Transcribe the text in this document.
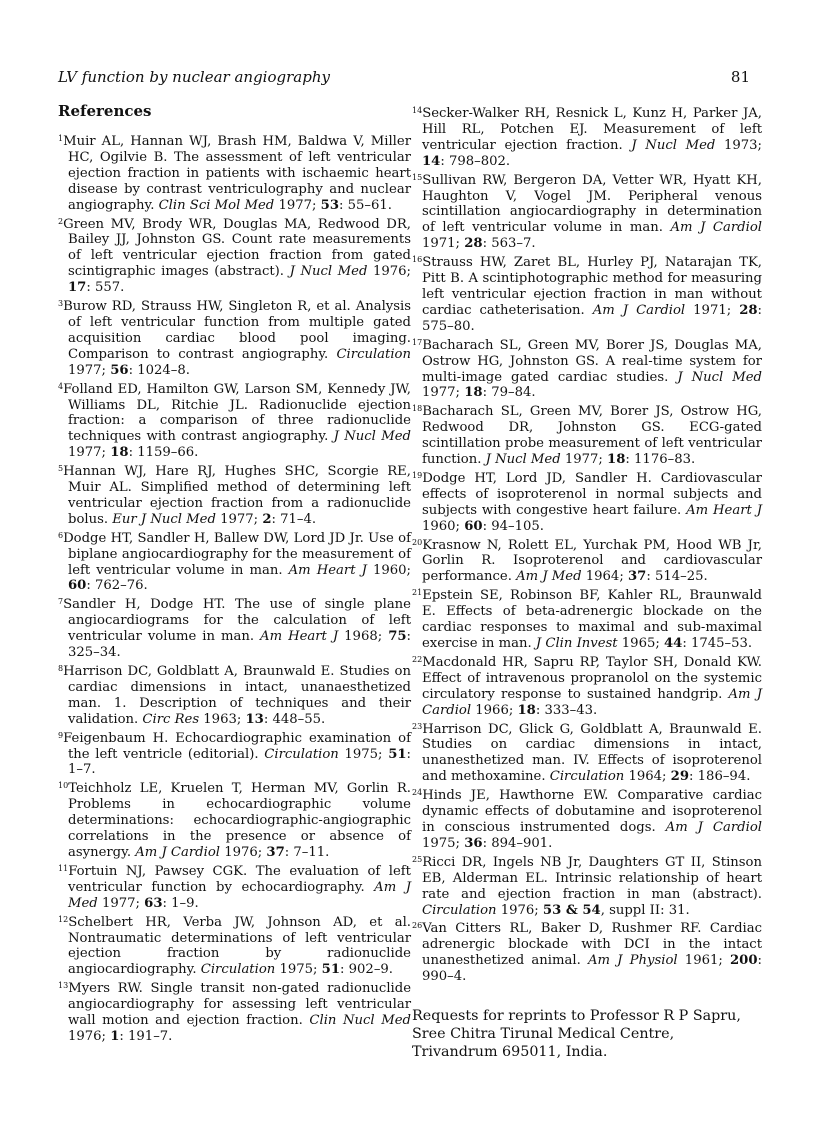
LV function by nuclear angiography	81
References
$^1$Muir AL, Hannan WJ, Brash HM, Baldwa V, Miller HC, Ogilvie B. The assessment of left ventricular ejection fraction in patients with ischaemic heart disease by contrast ventriculography and nuclear angiography. Clin Sci Mol Med 1977; 53: 55–61.
$^2$Green MV, Brody WR, Douglas MA, Redwood DR, Bailey JJ, Johnston GS. Count rate measurements of left ventricular ejection fraction from gated scintigraphic images (abstract). J Nucl Med 1976; 17: 557.
$^3$Burow RD, Strauss HW, Singleton R, et al. Analysis of left ventricular function from multiple gated acquisition cardiac blood pool imaging. Comparison to contrast angiography. Circulation 1977; 56: 1024–8.
$^4$Folland ED, Hamilton GW, Larson SM, Kennedy JW, Williams DL, Ritchie JL. Radionuclide ejection fraction: a comparison of three radionuclide techniques with contrast angiography. J Nucl Med 1977; 18: 1159–66.
$^5$Hannan WJ, Hare RJ, Hughes SHC, Scorgie RE, Muir AL. Simplified method of determining left ventricular ejection fraction from a radionuclide bolus. Eur J Nucl Med 1977; 2: 71–4.
$^6$Dodge HT, Sandler H, Ballew DW, Lord JD Jr. Use of biplane angiocardiography for the measurement of left ventricular volume in man. Am Heart J 1960; 60: 762–76.
$^7$Sandler H, Dodge HT. The use of single plane angiocardiograms for the calculation of left ventricular volume in man. Am Heart J 1968; 75: 325–34.
$^8$Harrison DC, Goldblatt A, Braunwald E. Studies on cardiac dimensions in intact, unanaesthetized man. 1. Description of techniques and their validation. Circ Res 1963; 13: 448–55.
$^9$Feigenbaum H. Echocardiographic examination of the left ventricle (editorial). Circulation 1975; 51: 1–7.
$^{10}$Teichholz LE, Kruelen T, Herman MV, Gorlin R. Problems in echocardiographic volume determinations: echocardiographic-angiographic correlations in the presence or absence of asynergy. Am J Cardiol 1976; 37: 7–11.
$^{11}$Fortuin NJ, Pawsey CGK. The evaluation of left ventricular function by echocardiography. Am J Med 1977; 63: 1–9.
$^{12}$Schelbert HR, Verba JW, Johnson AD, et al. Nontraumatic determinations of left ventricular ejection fraction by radionuclide angiocardiography. Circulation 1975; 51: 902–9.
$^{13}$Myers RW. Single transit non-gated radionuclide angiocardiography for assessing left ventricular wall motion and ejection fraction. Clin Nucl Med 1976; 1: 191–7.
$^{14}$Secker-Walker RH, Resnick L, Kunz H, Parker JA, Hill RL, Potchen EJ. Measurement of left ventricular ejection fraction. J Nucl Med 1973; 14: 798–802.
$^{15}$Sullivan RW, Bergeron DA, Vetter WR, Hyatt KH, Haughton V, Vogel JM. Peripheral venous scintillation angiocardiography in determination of left ventricular volume in man. Am J Cardiol 1971; 28: 563–7.
$^{16}$Strauss HW, Zaret BL, Hurley PJ, Natarajan TK, Pitt B. A scintiphotographic method for measuring left ventricular ejection fraction in man without cardiac catheterisation. Am J Cardiol 1971; 28: 575–80.
$^{17}$Bacharach SL, Green MV, Borer JS, Douglas MA, Ostrow HG, Johnston GS. A real-time system for multi-image gated cardiac studies. J Nucl Med 1977; 18: 79–84.
$^{18}$Bacharach SL, Green MV, Borer JS, Ostrow HG, Redwood DR, Johnston GS. ECG-gated scintillation probe measurement of left ventricular function. J Nucl Med 1977; 18: 1176–83.
$^{19}$Dodge HT, Lord JD, Sandler H. Cardiovascular effects of isoproterenol in normal subjects and subjects with congestive heart failure. Am Heart J 1960; 60: 94–105.
$^{20}$Krasnow N, Rolett EL, Yurchak PM, Hood WB Jr, Gorlin R. Isoproterenol and cardiovascular performance. Am J Med 1964; 37: 514–25.
$^{21}$Epstein SE, Robinson BF, Kahler RL, Braunwald E. Effects of beta-adrenergic blockade on the cardiac responses to maximal and sub-maximal exercise in man. J Clin Invest 1965; 44: 1745–53.
$^{22}$Macdonald HR, Sapru RP, Taylor SH, Donald KW. Effect of intravenous propranolol on the systemic circulatory response to sustained handgrip. Am J Cardiol 1966; 18: 333–43.
$^{23}$Harrison DC, Glick G, Goldblatt A, Braunwald E. Studies on cardiac dimensions in intact, unanesthetized man. IV. Effects of isoproterenol and methoxamine. Circulation 1964; 29: 186–94.
$^{24}$Hinds JE, Hawthorne EW. Comparative cardiac dynamic effects of dobutamine and isoproterenol in conscious instrumented dogs. Am J Cardiol 1975; 36: 894–901.
$^{25}$Ricci DR, Ingels NB Jr, Daughters GT II, Stinson EB, Alderman EL. Intrinsic relationship of heart rate and ejection fraction in man (abstract). Circulation 1976; 53 & 54, suppl II: 31.
$^{26}$Van Citters RL, Baker D, Rushmer RF. Cardiac adrenergic blockade with DCI in the intact unanesthetized animal. Am J Physiol 1961; 200: 990–4.
Requests for reprints to Professor R P Sapru, Sree Chitra Tirunal Medical Centre, Trivandrum 695011, India.
